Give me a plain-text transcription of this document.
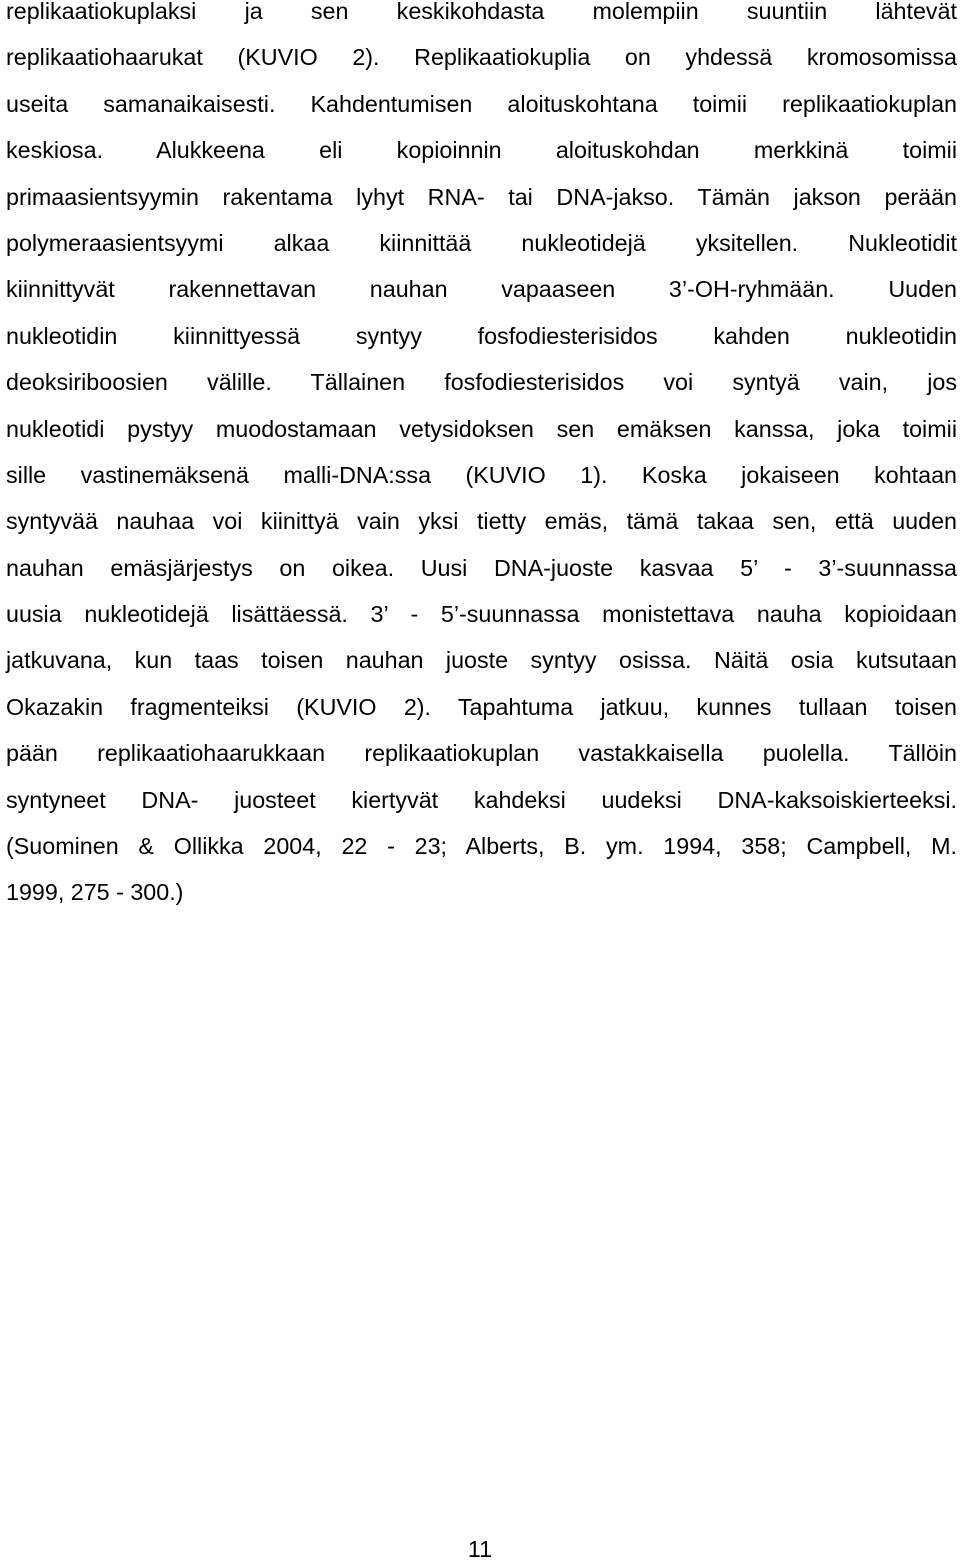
replikaatiokuplaksi ja sen keskikohdasta molempiin suuntiin lähtevät
replikaatiohaarukat (KUVIO 2). Replikaatiokuplia on yhdessä kromosomissa
useita samanaikaisesti. Kahdentumisen aloituskohtana toimii replikaatiokuplan
keskiosa. Alukkeena eli kopioinnin aloituskohdan merkkinä toimii
primaasientsyymin rakentama lyhyt RNA- tai DNA-jakso. Tämän jakson perään
polymeraasientsyymi alkaa kiinnittää nukleotidejä yksitellen. Nukleotidit
kiinnittyvät rakennettavan nauhan vapaaseen 3’-OH-ryhmään. Uuden
nukleotidin kiinnittyessä syntyy fosfodiesterisidos kahden nukleotidin
deoksiriboosien välille. Tällainen fosfodiesterisidos voi syntyä vain, jos
nukleotidi pystyy muodostamaan vetysidoksen sen emäksen kanssa, joka toimii
sille vastinemäksenä malli-DNA:ssa (KUVIO 1). Koska jokaiseen kohtaan
syntyvää nauhaa voi kiinittyä vain yksi tietty emäs, tämä takaa sen, että uuden
nauhan emäsjärjestys on oikea. Uusi DNA-juoste kasvaa 5’ - 3’-suunnassa
uusia nukleotidejä lisättäessä. 3’ - 5’-suunnassa monistettava nauha kopioidaan
jatkuvana, kun taas toisen nauhan juoste syntyy osissa. Näitä osia kutsutaan
Okazakin fragmenteiksi (KUVIO 2). Tapahtuma jatkuu, kunnes tullaan toisen
pään replikaatiohaarukkaan replikaatiokuplan vastakkaisella puolella. Tällöin
syntyneet DNA- juosteet kiertyvät kahdeksi uudeksi DNA-kaksoiskierteeksi.
(Suominen & Ollikka 2004, 22 - 23; Alberts, B. ym. 1994, 358; Campbell, M.
1999, 275 - 300.)
11
